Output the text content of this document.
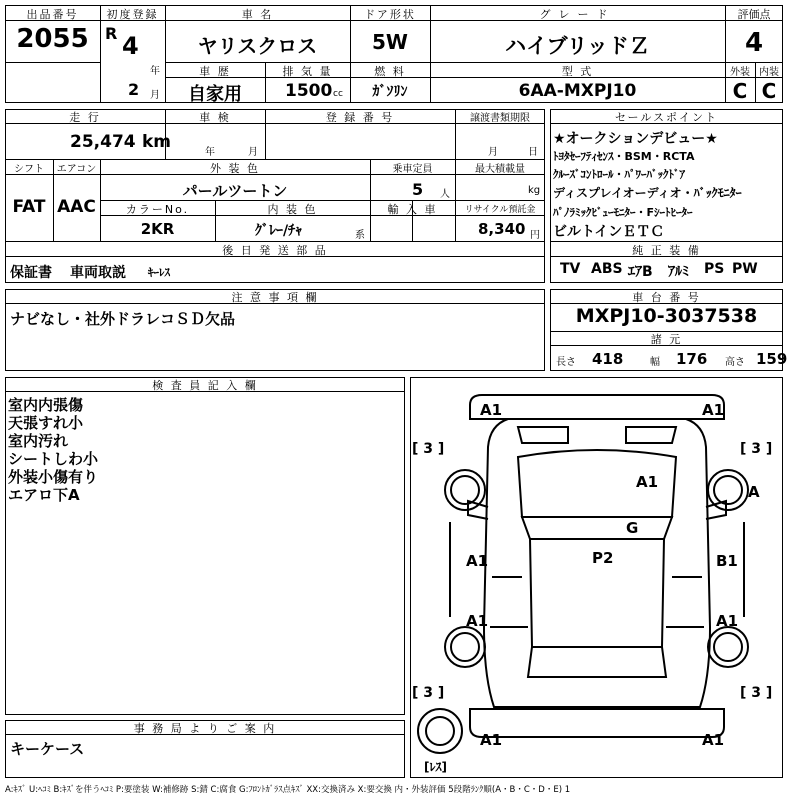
出品番号
2055
初度登録
R 4
年
2 月
車 名
ヤリスクロス
車 歴
自家用
排 気 量
1500 cc
ドア形状
5W
燃 料
ｶﾞｿﾘﾝ
グレード
ハイブリッドＺ
型 式
6AA-MXPJ10
評価点
4
外装
C
内装
C
走 行
25,474 km
車 検
年	月
登 録 番 号	譲渡書類期限
月	日
シフト
FAT
エアコン
AAC
外 装 色
パールツートン
乗車定員
5 人
最大積載量
kg
カラーNo.
2KR
内 装 色
ｸﾞﾚｰ/ﾁｬ	系
輸 入 車	リサイクル預託金
8,340 円
後 日 発 送 部 品
保証書 車両取説 ｷｰﾚｽ
セールスポイント
★オークションデビュー★
ﾄﾖﾀｾｰﾌﾃｨｾﾝｽ・BSM・RCTA
ｸﾙｰｽﾞｺﾝﾄﾛｰﾙ・ﾊﾟﾜｰﾊﾞｯｸﾄﾞｱ
ディスプレイオーディオ・ﾊﾞｯｸﾓﾆﾀｰ
ﾊﾟﾉﾗﾐｯｸﾋﾞｭｰﾓﾆﾀｰ・Fｼｰﾄﾋｰﾀｰ
ビルトインＥＴＣ
純 正 装 備
TV ABS ｴｱB ｱﾙﾐ PS PW
注 意 事 項 欄
ナビなし・社外ドラレコＳＤ欠品
車 台 番 号
MXPJ10-3037538
諸 元
長さ 418	幅 176 高さ 159
検 査 員 記 入 欄
室内内張傷
天張すれ小
室内汚れ
シートしわ小
外装小傷有り
エアロ下A
事 務 局 よ り ご 案 内
キーケース
A1	A1
A1
A
G
P2
A1	B1
A1	A1
A1	A1
[ 3 ]	[ 3 ]
[ 3 ]	[ 3 ]
[ﾚｽ]
A:ｷｽﾞ U:ﾍｺﾐ B:ｷｽﾞを伴うﾍｺﾐ P:要塗装 W:補修跡 S:錆 C:腐食 G:ﾌﾛﾝﾄｶﾞﾗｽ点ｷｽﾞ XX:交換済み X:要交換 内・外装評価 5段階ﾗﾝｸ順(A・B・C・D・E) 1
